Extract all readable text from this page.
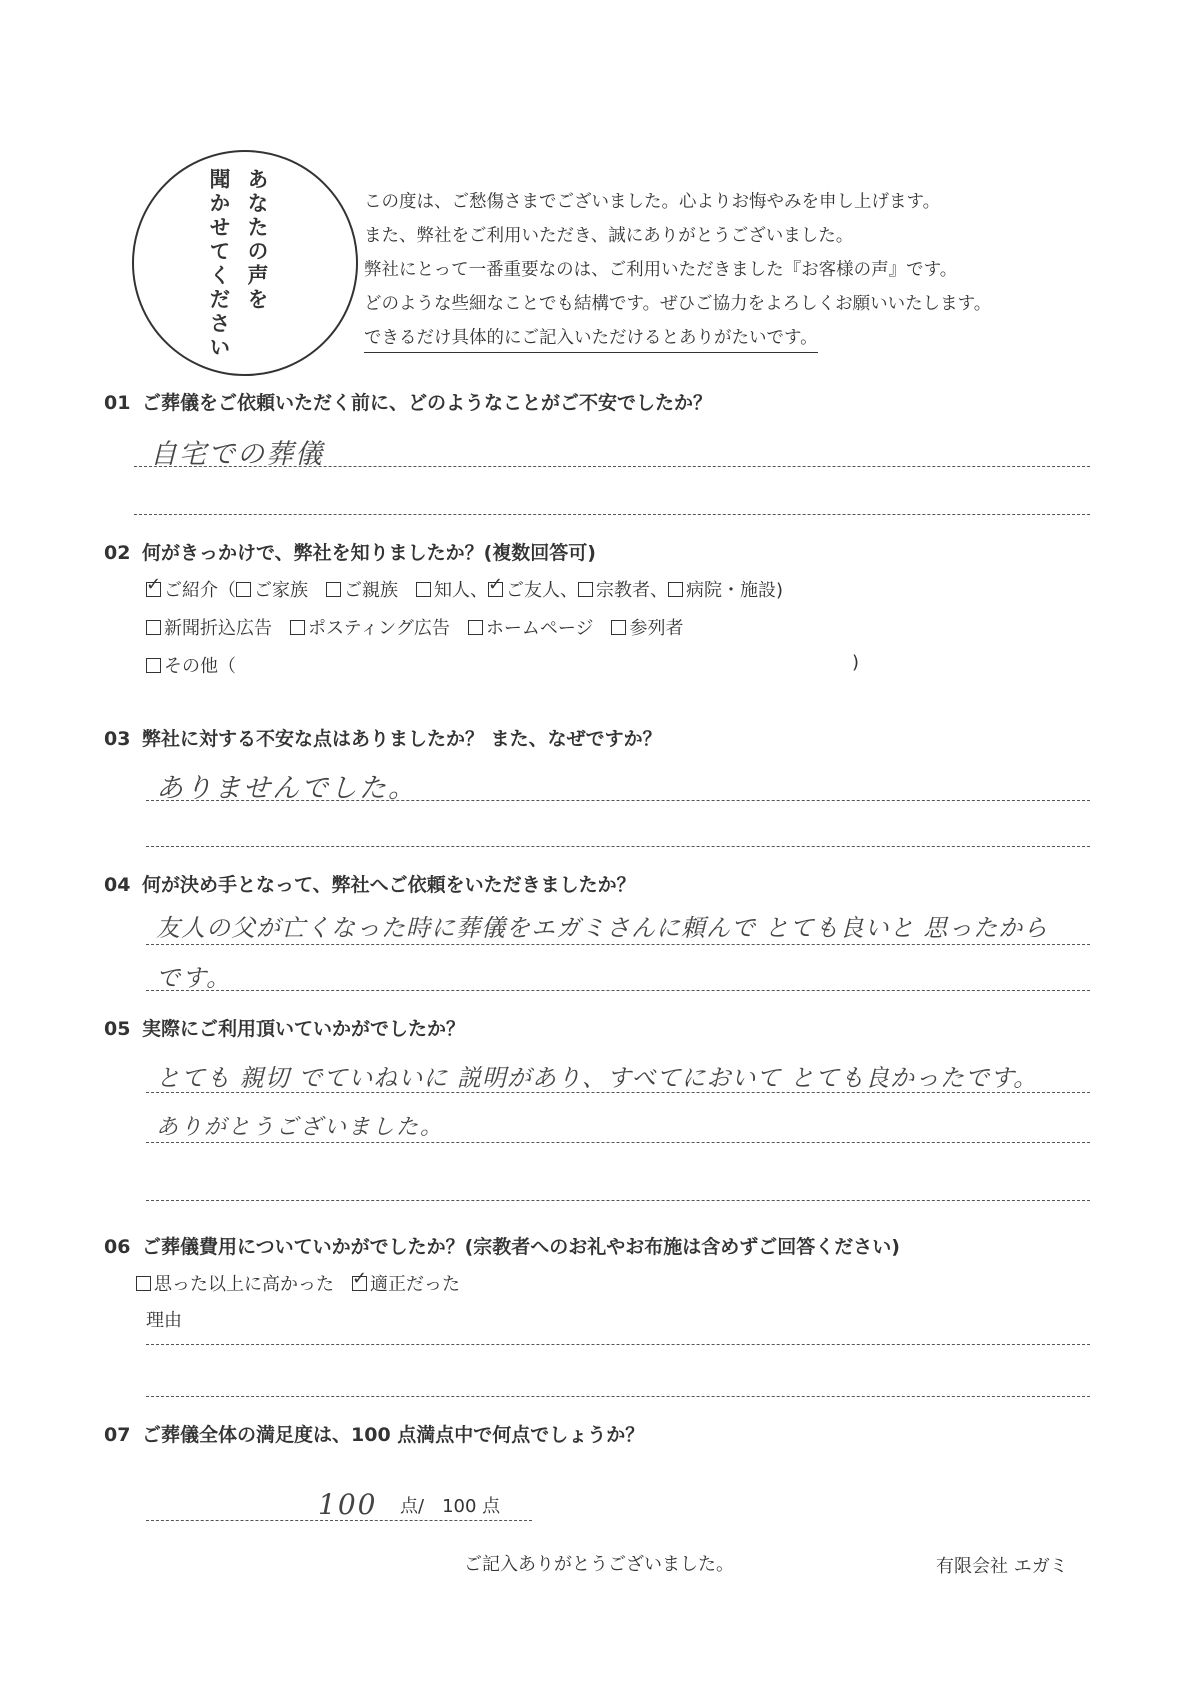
あなたの声を
聞かせてください	この度は、ご愁傷さまでございました。心よりお悔やみを申し上げます。
また、弊社をご利用いただき、誠にありがとうございました。
弊社にとって一番重要なのは、ご利用いただきました『お客様の声』です。
どのような些細なことでも結構です。ぜひご協力をよろしくお願いいたします。
できるだけ具体的にご記入いただけるとありがたいです。
01 ご葬儀をご依頼いただく前に、どのようなことがご不安でしたか？
自宅での葬儀
02 何がきっかけで、弊社を知りましたか？(複数回答可)
✓ ご紹介（ ご家族　 ご親族　 知人、 ✓ ご友人、 宗教者、 病院・施設)
新聞折込広告　 ポスティング広告　 ホームページ　 参列者
その他（	)
03 弊社に対する不安な点はありましたか？ また、なぜですか？
ありませんでした。
04 何が決め手となって、弊社へご依頼をいただきましたか？
友人の父が亡くなった時に葬儀をエガミさんに頼んで とても良いと 思ったから
です。
05 実際にご利用頂いていかがでしたか？
とても 親切 でていねいに 説明があり、すべてにおいて とても良かったです。
ありがとうございました。
06 ご葬儀費用についていかがでしたか？(宗教者へのお礼やお布施は含めずご回答ください)
思った以上に高かった　 ✓ 適正だった
理由
07 ご葬儀全体の満足度は、100 点満点中で何点でしょうか？
100 点/　100 点
ご記入ありがとうございました。	有限会社 エガミ
